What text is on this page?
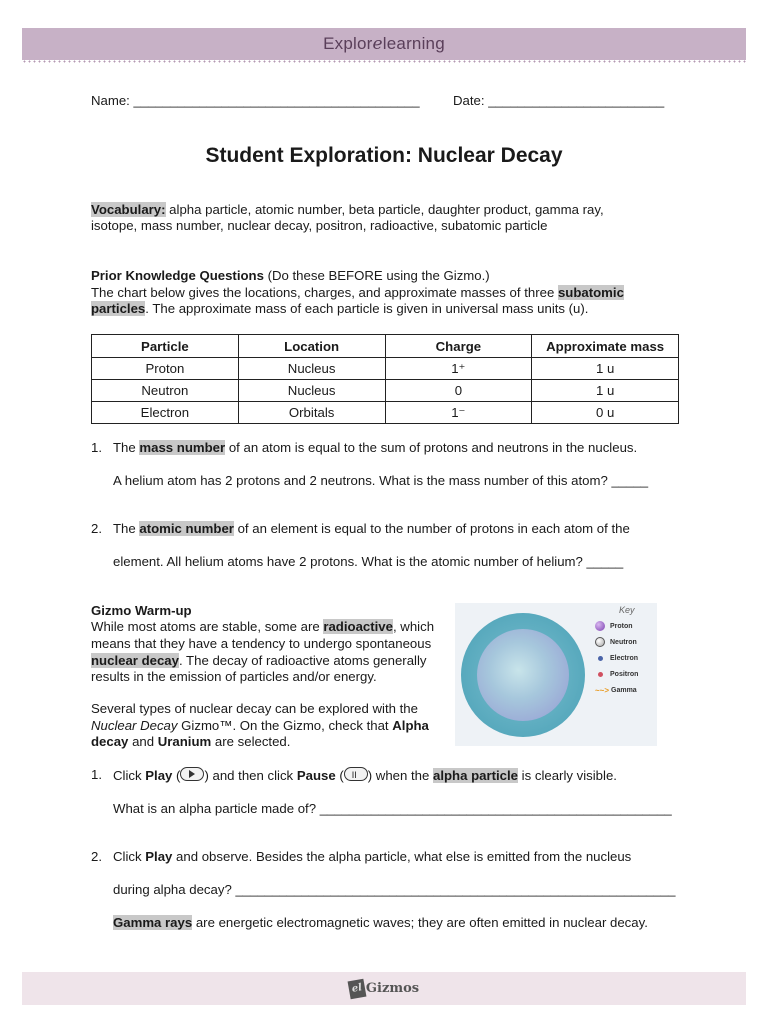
Explorelearning
Name: _______________________________________	Date: ________________________
Student Exploration: Nuclear Decay
Vocabulary: alpha particle, atomic number, beta particle, daughter product, gamma ray,
isotope, mass number, nuclear decay, positron, radioactive, subatomic particle
Prior Knowledge Questions (Do these BEFORE using the Gizmo.)
The chart below gives the locations, charges, and approximate masses of three subatomic
particles. The approximate mass of each particle is given in universal mass units (u).
Particle	Location	Charge	Approximate mass
Proton	Nucleus	1⁺	1 u
Neutron	Nucleus	0	1 u
Electron	Orbitals	1⁻	0 u
1. The mass number of an atom is equal to the sum of protons and neutrons in the nucleus.
A helium atom has 2 protons and 2 neutrons. What is the mass number of this atom? _____
2. The atomic number of an element is equal to the number of protons in each atom of the
element. All helium atoms have 2 protons. What is the atomic number of helium? _____
Gizmo Warm-up
While most atoms are stable, some are radioactive, which
means that they have a tendency to undergo spontaneous
nuclear decay. The decay of radioactive atoms generally
results in the emission of particles and/or energy.
Several types of nuclear decay can be explored with the
Nuclear Decay Gizmo™. On the Gizmo, check that Alpha
decay and Uranium are selected.
Key
Proton
Neutron
Electron
Positron
~~> Gamma
1. Click Play ( ) and then click Pause ( II ) when the alpha particle is clearly visible.
What is an alpha particle made of? ________________________________________________
2. Click Play and observe. Besides the alpha particle, what else is emitted from the nucleus
during alpha decay? ____________________________________________________________
Gamma rays are energetic electromagnetic waves; they are often emitted in nuclear decay.
el Gizmos
